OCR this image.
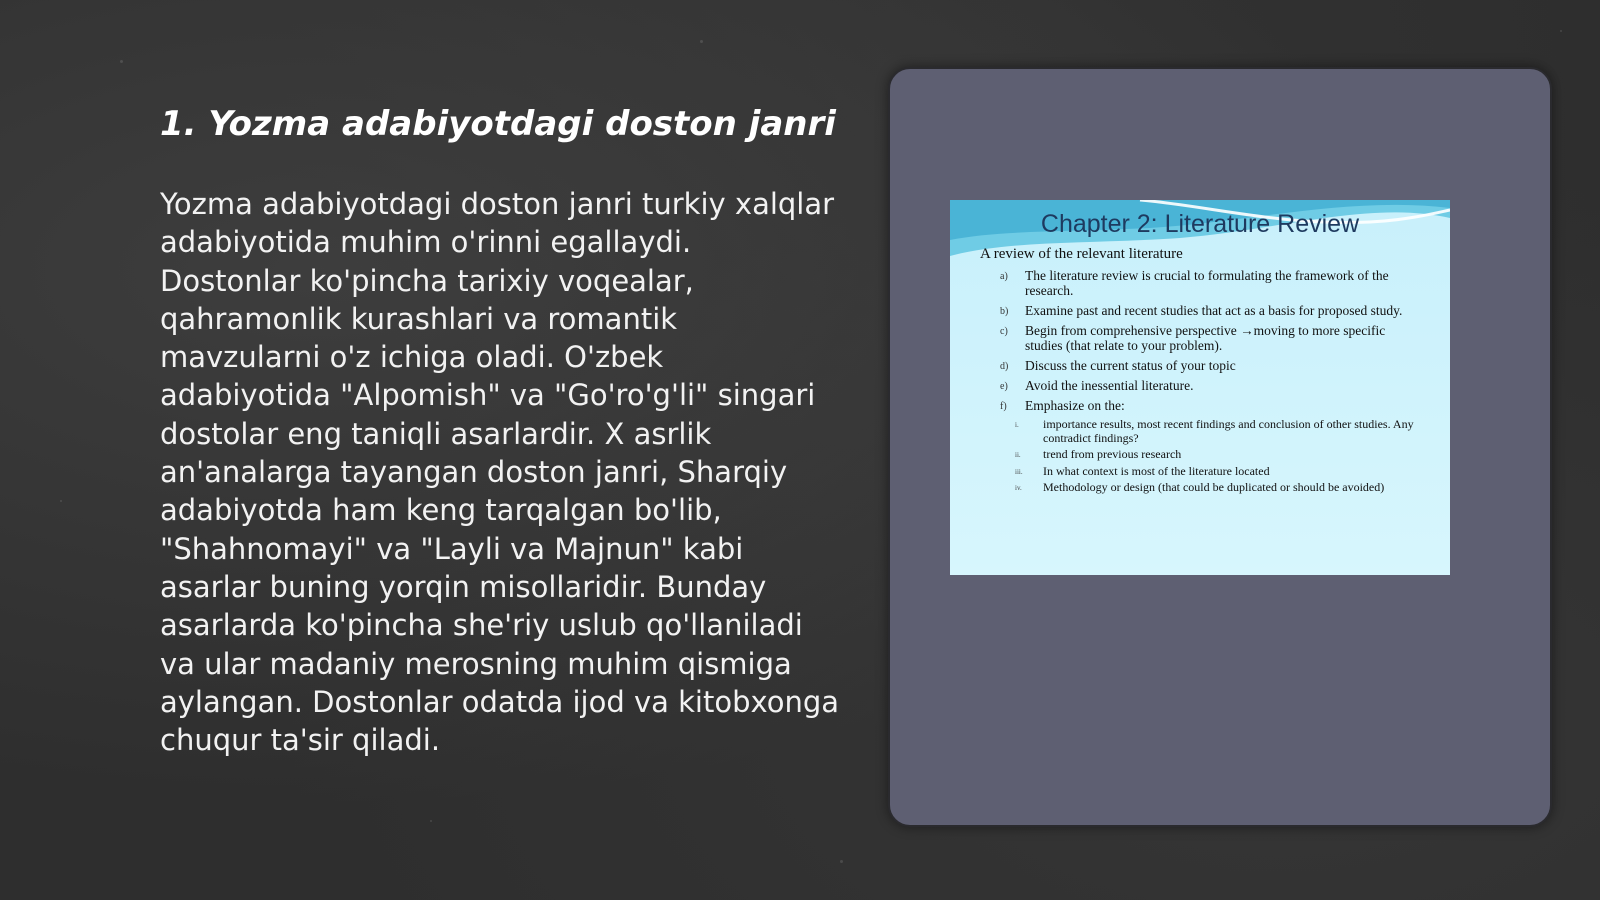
1. Yozma adabiyotdagi doston janri

Yozma adabiyotdagi doston janri turkiy xalqlar adabiyotida muhim o'rinni egallaydi. Dostonlar ko'pincha tarixiy voqealar, qahramonlik kurashlari va romantik mavzularni o'z ichiga oladi. O'zbek adabiyotida "Alpomish" va "Go'ro'g'li" singari dostolar eng taniqli asarlardir. X asrlik an'analarga tayangan doston janri, Sharqiy adabiyotda ham keng tarqalgan bo'lib, "Shahnomayi" va "Layli va Majnun" kabi asarlar buning yorqin misollaridir. Bunday asarlarda ko'pincha she'riy uslub qo'llaniladi va ular madaniy merosning muhim qismiga aylangan. Dostonlar odatda ijod va kitobxonga chuqur ta'sir qiladi.

Chapter 2: Literature Review
A review of the relevant literature
a) The literature review is crucial to formulating the framework of the research.
b) Examine past and recent studies that act as a basis for proposed study.
c) Begin from comprehensive perspective →moving to more specific studies (that relate to your problem).
d) Discuss the current status of your topic
e) Avoid the inessential literature.
f) Emphasize on the:
i. importance results, most recent findings and conclusion of other studies. Any contradict findings?
ii. trend from previous research
iii. In what context is most of the literature located
iv. Methodology or design (that could be duplicated or should be avoided)
